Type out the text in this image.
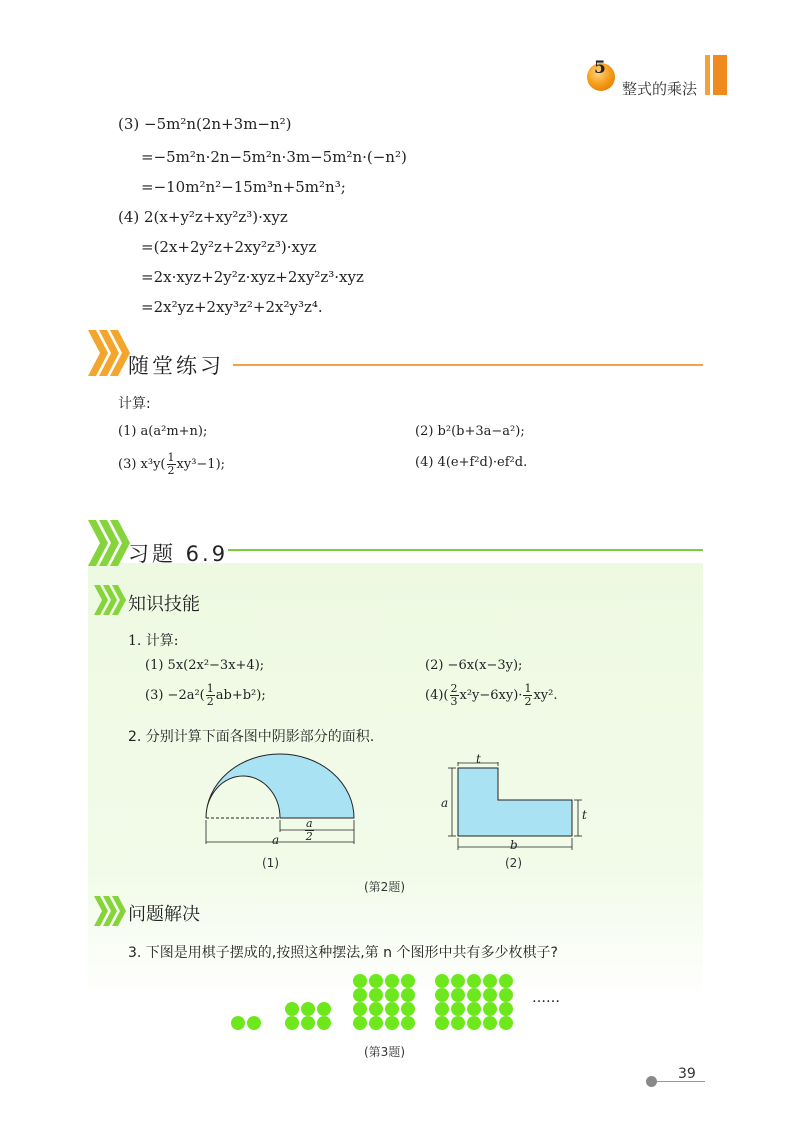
5
整式的乘法
(3) −5m²n(2n+3m−n²)
=−5m²n·2n−5m²n·3m−5m²n·(−n²)
=−10m²n²−15m³n+5m²n³;
(4) 2(x+y²z+xy²z³)·xyz
=(2x+2y²z+2xy²z³)·xyz
=2x·xyz+2y²z·xyz+2xy²z³·xyz
=2x²yz+2xy³z²+2x²y³z⁴.
随堂练习
计算:
(1) a(a²m+n);	(2) b²(b+3a−a²);
(3) $x^3y( \frac{1}{2} xy^3-1)$;	(4) 4(e+f²d)·ef²d.
习题 6.9
知识技能
1. 计算:
(1) 5x(2x²−3x+4);	(2) −6x(x−3y);
$(3) -2a^2( \frac{1}{2} ab+b^2)$;	$(4)( \frac{2}{3} x^2y-6xy)\cdot \frac{1}{2} xy^2$.
2. 分别计算下面各图中阴影部分的面积.
a $\frac{a}{2}$
(1)
t
a
t
b
(2)
(第2题)
问题解决
3. 下图是用棋子摆成的,按照这种摆法,第 n 个图形中共有多少枚棋子?
……
(第3题)
39
